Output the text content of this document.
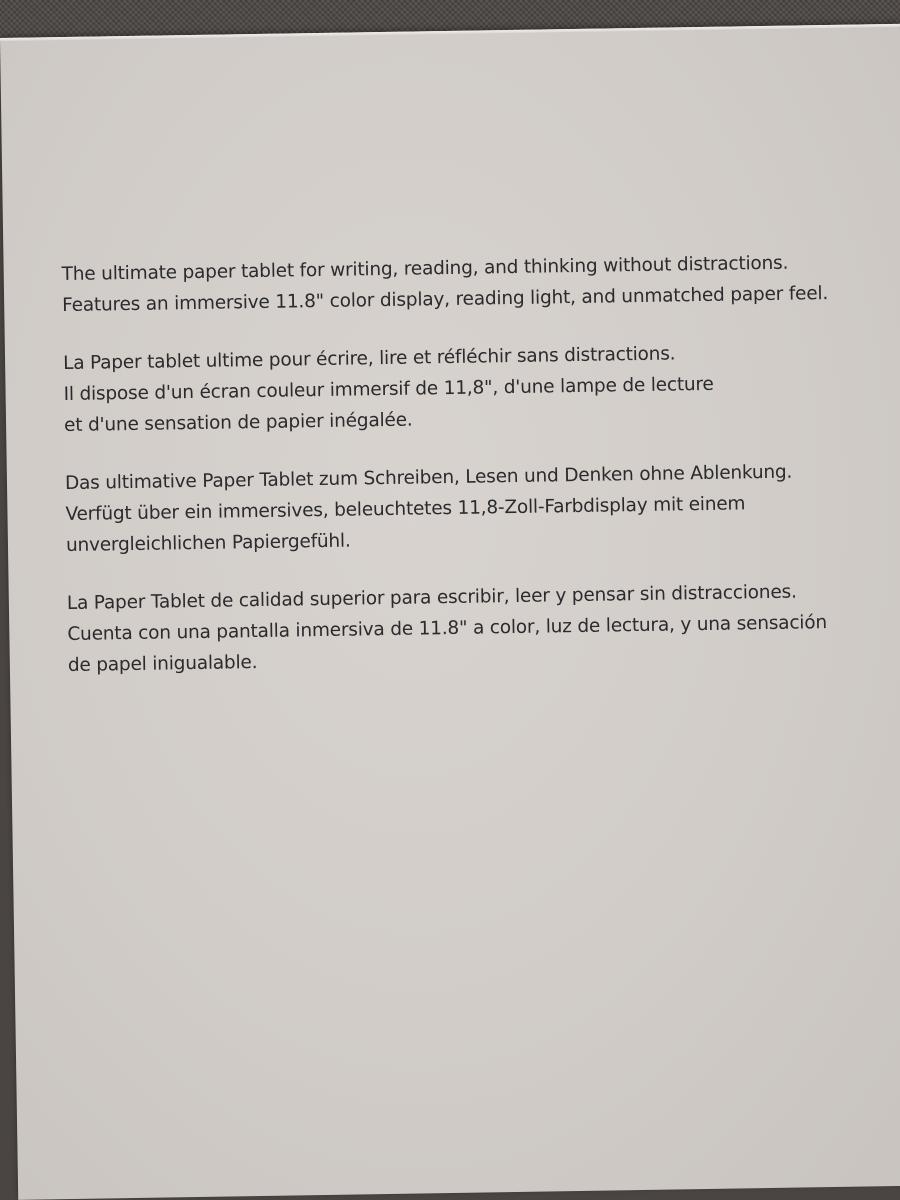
The ultimate paper tablet for writing, reading, and thinking without distractions.
Features an immersive 11.8" color display, reading light, and unmatched paper feel.

La Paper tablet ultime pour écrire, lire et réfléchir sans distractions.
Il dispose d'un écran couleur immersif de 11,8", d'une lampe de lecture
et d'une sensation de papier inégalée.

Das ultimative Paper Tablet zum Schreiben, Lesen und Denken ohne Ablenkung.
Verfügt über ein immersives, beleuchtetes 11,8-Zoll-Farbdisplay mit einem
unvergleichlichen Papiergefühl.

La Paper Tablet de calidad superior para escribir, leer y pensar sin distracciones.
Cuenta con una pantalla inmersiva de 11.8" a color, luz de lectura, y una sensación
de papel inigualable.
